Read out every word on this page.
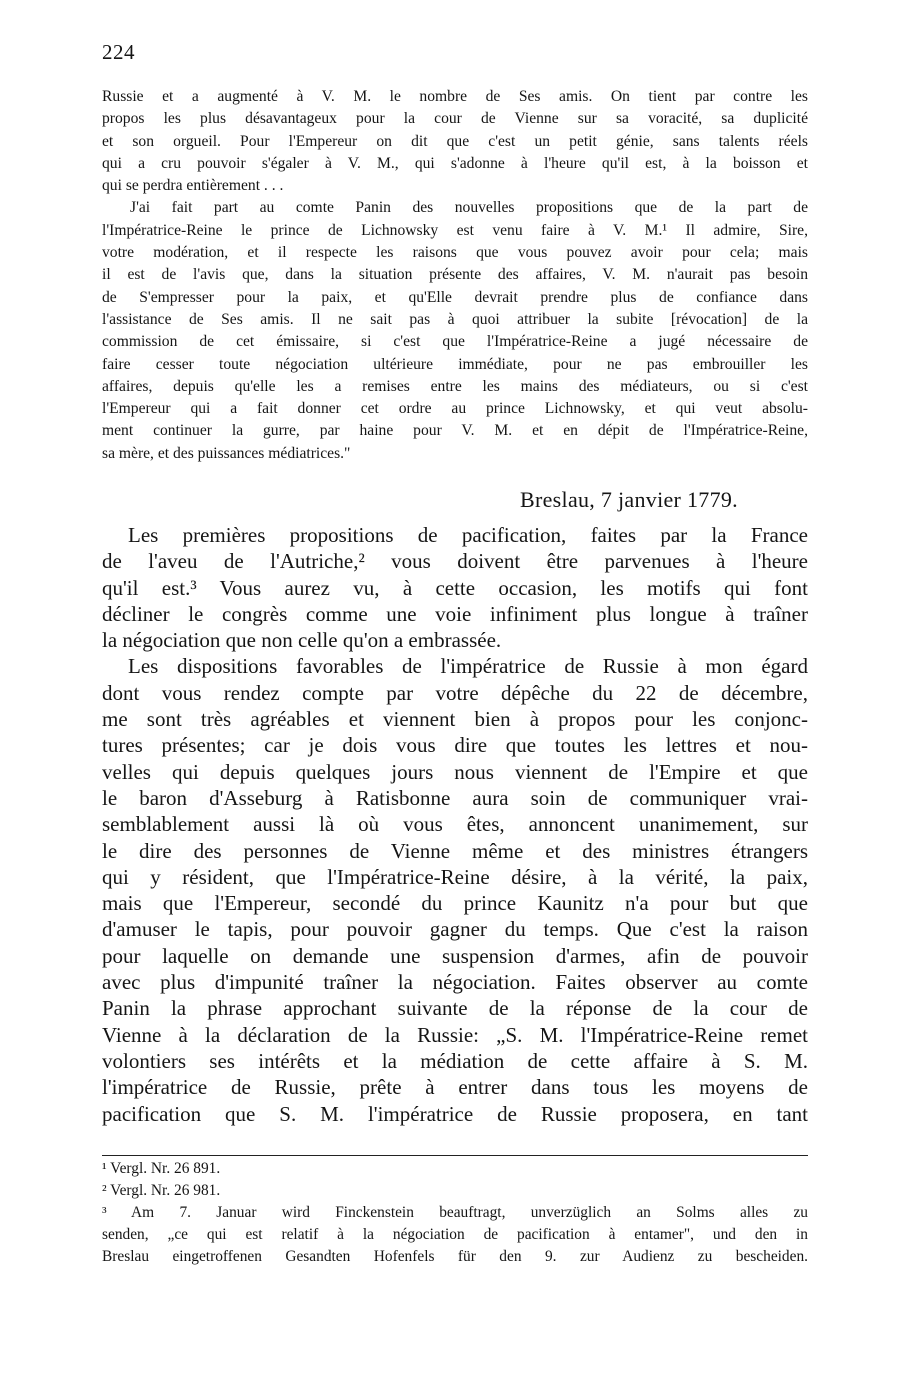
224
Russie et a augmenté à V. M. le nombre de Ses amis. On tient par contre les
propos les plus désavantageux pour la cour de Vienne sur sa voracité, sa duplicité
et son orgueil. Pour l'Empereur on dit que c'est un petit génie, sans talents réels
qui a cru pouvoir s'égaler à V. M., qui s'adonne à l'heure qu'il est, à la boisson et
qui se perdra entièrement . . .
J'ai fait part au comte Panin des nouvelles propositions que de la part de
l'Impératrice-Reine le prince de Lichnowsky est venu faire à V. M.¹ Il admire, Sire,
votre modération, et il respecte les raisons que vous pouvez avoir pour cela; mais
il est de l'avis que, dans la situation présente des affaires, V. M. n'aurait pas besoin
de S'empresser pour la paix, et qu'Elle devrait prendre plus de confiance dans
l'assistance de Ses amis. Il ne sait pas à quoi attribuer la subite [révocation] de la
commission de cet émissaire, si c'est que l'Impératrice-Reine a jugé nécessaire de
faire cesser toute négociation ultérieure immédiate, pour ne pas embrouiller les
affaires, depuis qu'elle les a remises entre les mains des médiateurs, ou si c'est
l'Empereur qui a fait donner cet ordre au prince Lichnowsky, et qui veut absolu-
ment continuer la gurre, par haine pour V. M. et en dépit de l'Impératrice-Reine,
sa mère, et des puissances médiatrices."
Breslau, 7 janvier 1779.
Les premières propositions de pacification, faites par la France
de l'aveu de l'Autriche,² vous doivent être parvenues à l'heure
qu'il est.³ Vous aurez vu, à cette occasion, les motifs qui font
décliner le congrès comme une voie infiniment plus longue à traîner
la négociation que non celle qu'on a embrassée.
Les dispositions favorables de l'impératrice de Russie à mon égard
dont vous rendez compte par votre dépêche du 22 de décembre,
me sont très agréables et viennent bien à propos pour les conjonc-
tures présentes; car je dois vous dire que toutes les lettres et nou-
velles qui depuis quelques jours nous viennent de l'Empire et que
le baron d'Asseburg à Ratisbonne aura soin de communiquer vrai-
semblablement aussi là où vous êtes, annoncent unanimement, sur
le dire des personnes de Vienne même et des ministres étrangers
qui y résident, que l'Impératrice-Reine désire, à la vérité, la paix,
mais que l'Empereur, secondé du prince Kaunitz n'a pour but que
d'amuser le tapis, pour pouvoir gagner du temps. Que c'est la raison
pour laquelle on demande une suspension d'armes, afin de pouvoir
avec plus d'impunité traîner la négociation. Faites observer au comte
Panin la phrase approchant suivante de la réponse de la cour de
Vienne à la déclaration de la Russie: „S. M. l'Impératrice-Reine remet
volontiers ses intérêts et la médiation de cette affaire à S. M.
l'impératrice de Russie, prête à entrer dans tous les moyens de
pacification que S. M. l'impératrice de Russie proposera, en tant
¹ Vergl. Nr. 26 891.
² Vergl. Nr. 26 981.
³ Am 7. Januar wird Finckenstein beauftragt, unverzüglich an Solms alles zu
senden, „ce qui est relatif à la négociation de pacification à entamer", und den in
Breslau eingetroffenen Gesandten Hofenfels für den 9. zur Audienz zu bescheiden.
